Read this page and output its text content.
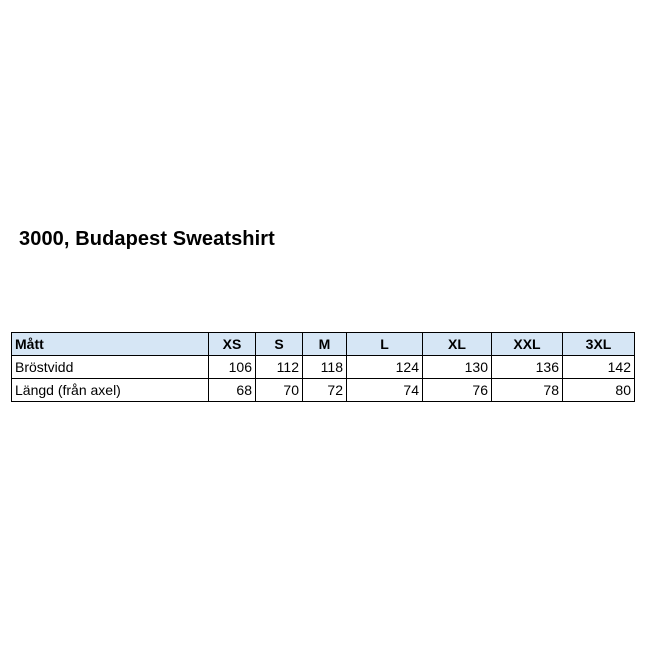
3000, Budapest Sweatshirt
Mått	XS	S	M	L	XL	XXL	3XL
Bröstvidd	106	112	118	124	130	136	142
Längd (från axel)	68	70	72	74	76	78	80
